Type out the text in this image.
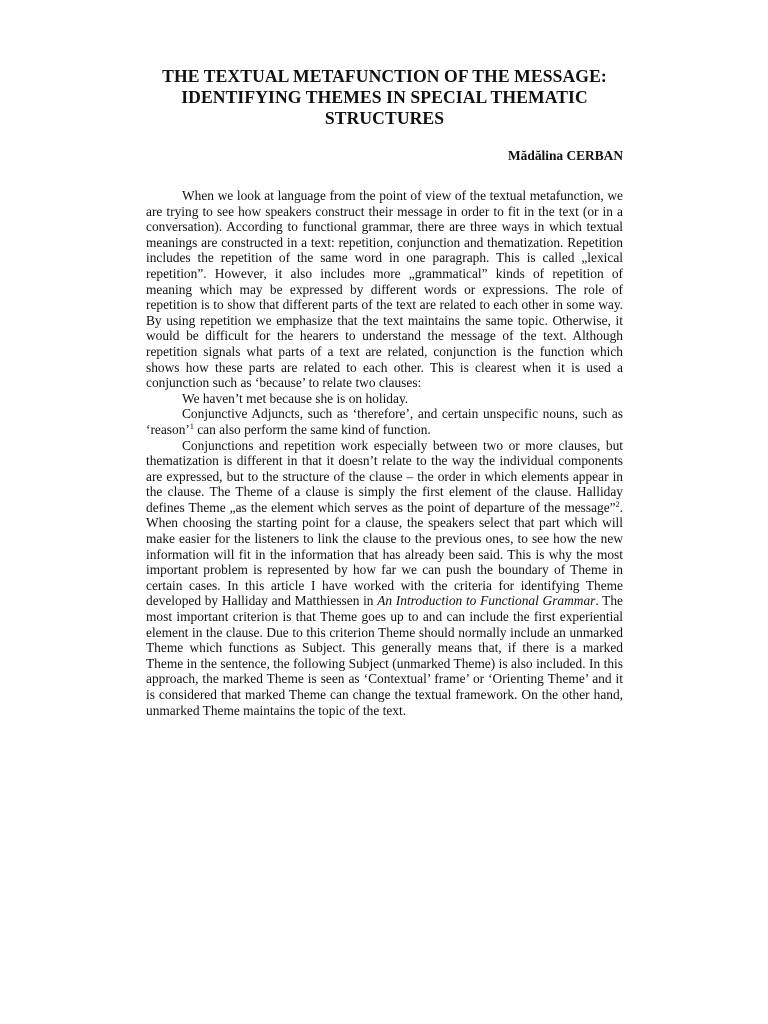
THE TEXTUAL METAFUNCTION OF THE MESSAGE:
IDENTIFYING THEMES IN SPECIAL THEMATIC
STRUCTURES

Mădălina CERBAN

When we look at language from the point of view of the textual metafunction, we are trying to see how speakers construct their message in order to fit in the text (or in a conversation). According to functional grammar, there are three ways in which textual meanings are constructed in a text: repetition, conjunction and thematization. Repetition includes the repetition of the same word in one paragraph. This is called „lexical repetition”. However, it also includes more „grammatical” kinds of repetition of meaning which may be expressed by different words or expressions. The role of repetition is to show that different parts of the text are related to each other in some way. By using repetition we emphasize that the text maintains the same topic. Otherwise, it would be difficult for the hearers to understand the message of the text. Although repetition signals what parts of a text are related, conjunction is the function which shows how these parts are related to each other. This is clearest when it is used a conjunction such as ‘because’ to relate two clauses:

We haven’t met because she is on holiday.

Conjunctive Adjuncts, such as ‘therefore’, and certain unspecific nouns, such as ‘reason’$^1$ can also perform the same kind of function.

Conjunctions and repetition work especially between two or more clauses, but thematization is different in that it doesn’t relate to the way the individual components are expressed, but to the structure of the clause – the order in which elements appear in the clause. The Theme of a clause is simply the first element of the clause. Halliday defines Theme „as the element which serves as the point of departure of the message”$^2$. When choosing the starting point for a clause, the speakers select that part which will make easier for the listeners to link the clause to the previous ones, to see how the new information will fit in the information that has already been said. This is why the most important problem is represented by how far we can push the boundary of Theme in certain cases. In this article I have worked with the criteria for identifying Theme developed by Halliday and Matthiessen in An Introduction to Functional Grammar. The most important criterion is that Theme goes up to and can include the first experiential element in the clause. Due to this criterion Theme should normally include an unmarked Theme which functions as Subject. This generally means that, if there is a marked Theme in the sentence, the following Subject (unmarked Theme) is also included. In this approach, the marked Theme is seen as ‘Contextual’ frame’ or ‘Orienting Theme’ and it is considered that marked Theme can change the textual framework. On the other hand, unmarked Theme maintains the topic of the text.
